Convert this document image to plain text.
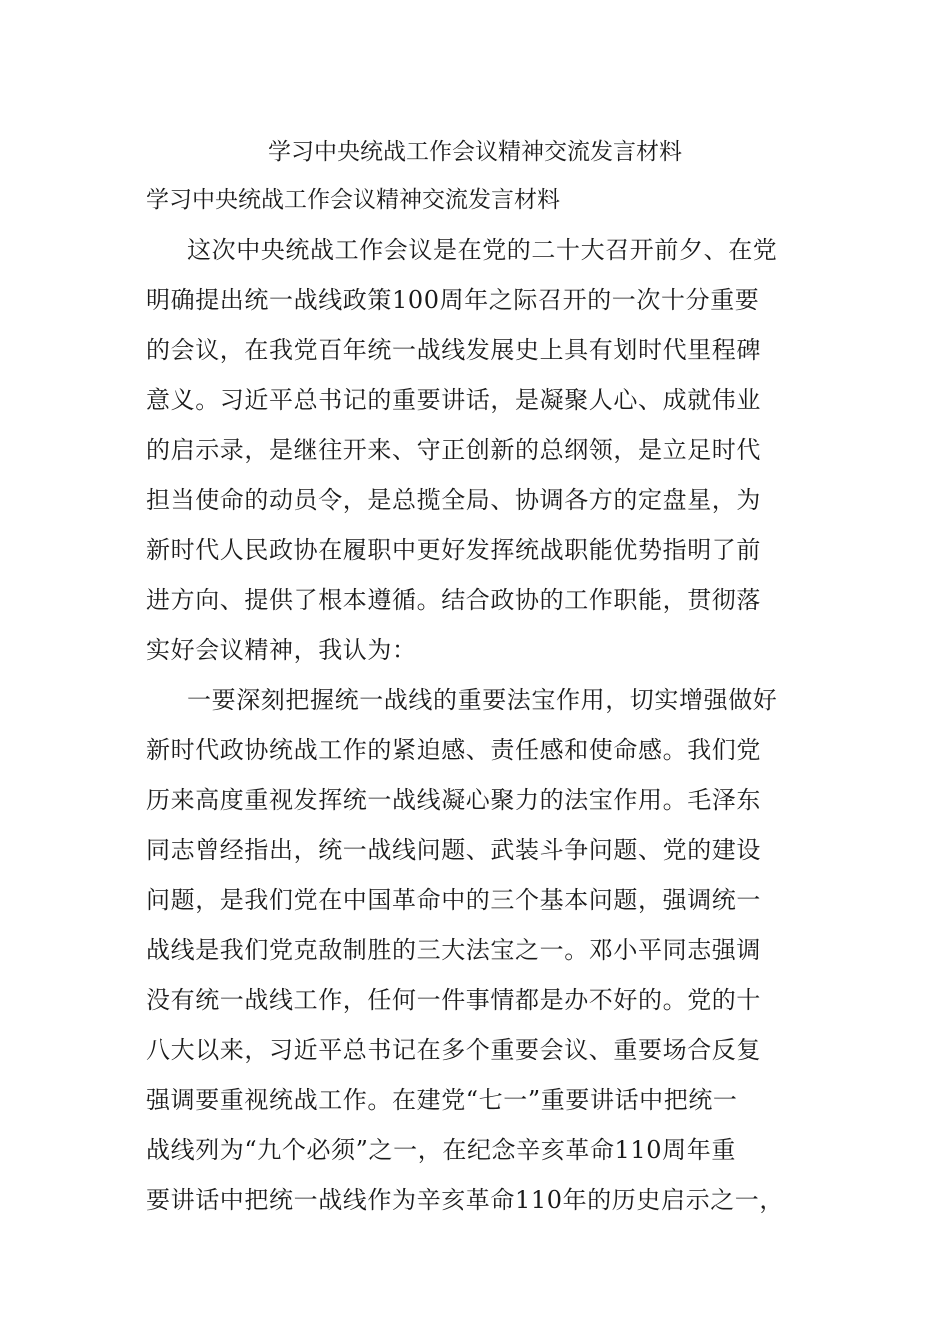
学习中央统战工作会议精神交流发言材料
学习中央统战工作会议精神交流发言材料
这次中央统战工作会议是在党的二十大召开前夕、在党
明确提出统一战线政策100周年之际召开的一次十分重要
的会议，在我党百年统一战线发展史上具有划时代里程碑
意义。习近平总书记的重要讲话，是凝聚人心、成就伟业
的启示录，是继往开来、守正创新的总纲领，是立足时代
担当使命的动员令，是总揽全局、协调各方的定盘星，为
新时代人民政协在履职中更好发挥统战职能优势指明了前
进方向、提供了根本遵循。结合政协的工作职能，贯彻落
实好会议精神，我认为：
一要深刻把握统一战线的重要法宝作用，切实增强做好
新时代政协统战工作的紧迫感、责任感和使命感。我们党
历来高度重视发挥统一战线凝心聚力的法宝作用。毛泽东
同志曾经指出，统一战线问题、武装斗争问题、党的建设
问题，是我们党在中国革命中的三个基本问题，强调统一
战线是我们党克敌制胜的三大法宝之一。邓小平同志强调
没有统一战线工作，任何一件事情都是办不好的。党的十
八大以来，习近平总书记在多个重要会议、重要场合反复
强调要重视统战工作。在建党“七一”重要讲话中把统一
战线列为“九个必须”之一，在纪念辛亥革命110周年重
要讲话中把统一战线作为辛亥革命110年的历史启示之一，
